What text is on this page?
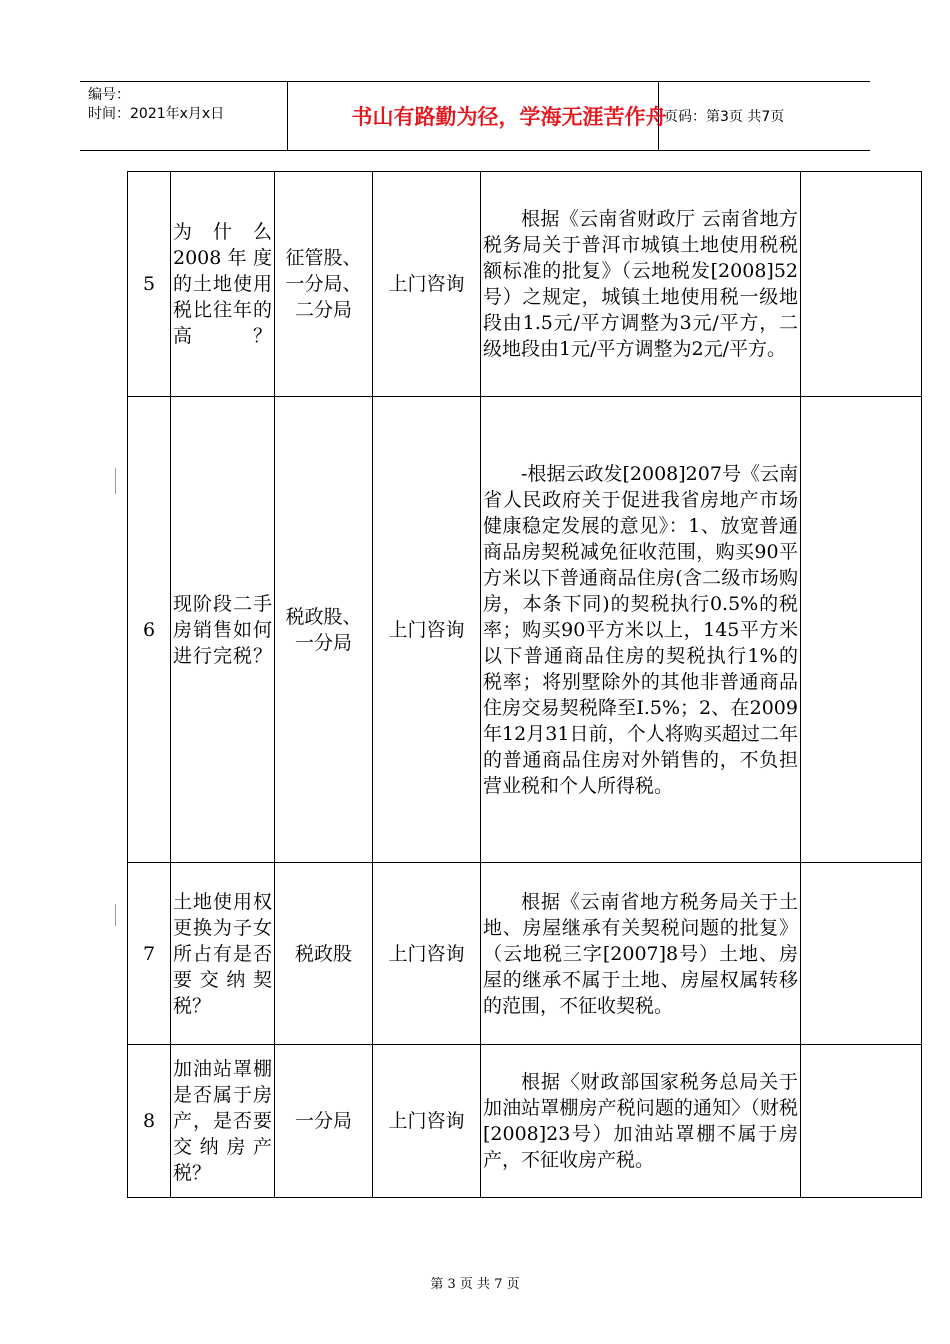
编号：
时间：2021年x月x日	书山有路勤为径，学海无涯苦作舟
页码：第3页 共7页
5	为什么2008年度的土地使用税比往年的高？	征管股、一分局、二分局	上门咨询	根据《云南省财政厅 云南省地方税务局关于普洱市城镇土地使用税税额标准的批复》（云地税发[2008]52号）之规定，城镇土地使用税一级地段由1.5元/平方调整为3元/平方，二级地段由1元/平方调整为2元/平方。	
6	现阶段二手房销售如何进行完税？	税政股、一分局	上门咨询	-根据云政发[2008]207号《云南省人民政府关于促进我省房地产市场健康稳定发展的意见》：1、放宽普通商品房契税减免征收范围，购买90平方米以下普通商品住房(含二级市场购房，本条下同)的契税执行0.5%的税率；购买90平方米以上，145平方米以下普通商品住房的契税执行1%的税率；将别墅除外的其他非普通商品住房交易契税降至I.5%；2、在2009年12月31日前，个人将购买超过二年的普通商品住房对外销售的，不负担营业税和个人所得税。	
7	土地使用权更换为子女所占有是否要交纳契税？	税政股	上门咨询	根据《云南省地方税务局关于土地、房屋继承有关契税问题的批复》（云地税三字[2007]8号）土地、房屋的继承不属于土地、房屋权属转移的范围，不征收契税。	
8	加油站罩棚是否属于房产，是否要交纳房产税？	一分局	上门咨询	根据〈财政部国家税务总局关于加油站罩棚房产税问题的通知〉（财税[2008]23号）加油站罩棚不属于房产，不征收房产税。	
第 3 页 共 7 页
